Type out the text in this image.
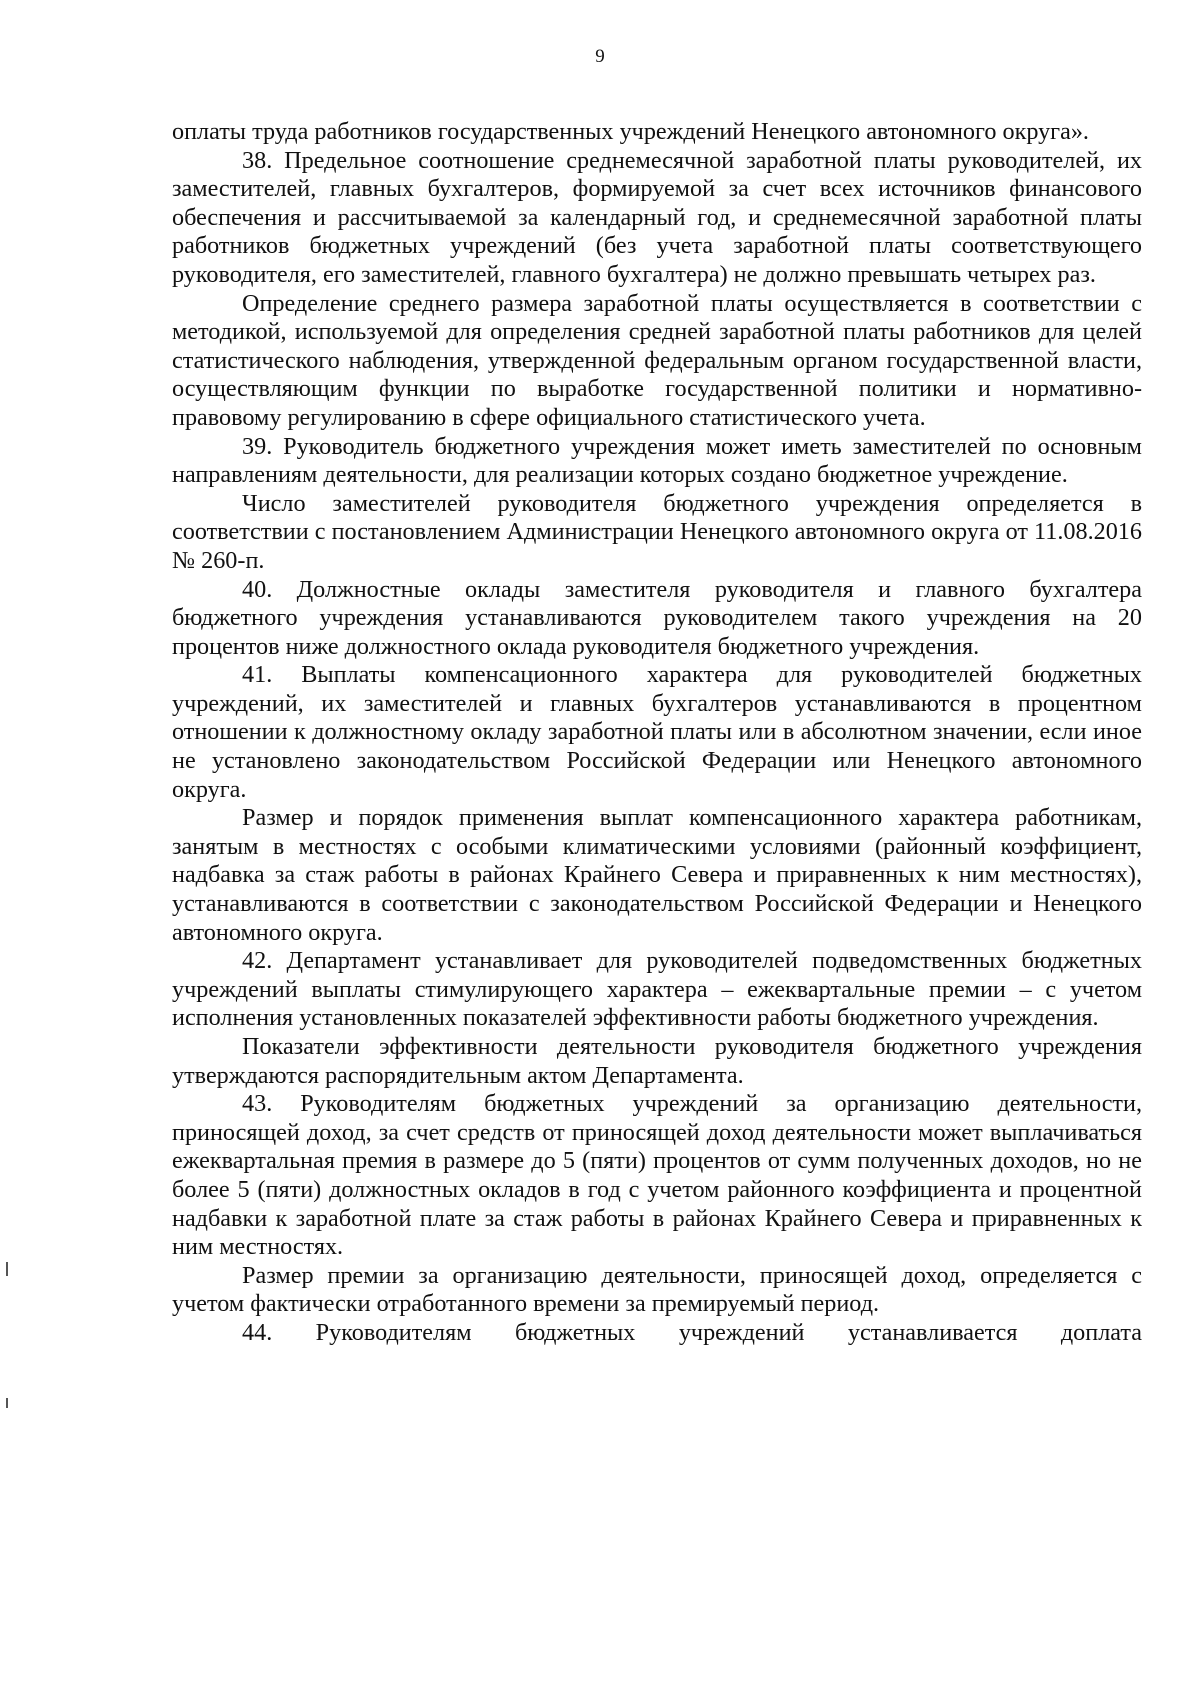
9

оплаты труда работников государственных учреждений Ненецкого автономного округа».

38. Предельное соотношение среднемесячной заработной платы руководителей, их заместителей, главных бухгалтеров, формируемой за счет всех источников финансового обеспечения и рассчитываемой за календарный год, и среднемесячной заработной платы работников бюджетных учреждений (без учета заработной платы соответствующего руководителя, его заместителей, главного бухгалтера) не должно превышать четырех раз.

Определение среднего размера заработной платы осуществляется в соответствии с методикой, используемой для определения средней заработной платы работников для целей статистического наблюдения, утвержденной федеральным органом государственной власти, осуществляющим функции по выработке государственной политики и нормативно-правовому регулированию в сфере официального статистического учета.

39. Руководитель бюджетного учреждения может иметь заместителей по основным направлениям деятельности, для реализации которых создано бюджетное учреждение.

Число заместителей руководителя бюджетного учреждения определяется в соответствии с постановлением Администрации Ненецкого автономного округа от 11.08.2016 № 260-п.

40. Должностные оклады заместителя руководителя и главного бухгалтера бюджетного учреждения устанавливаются руководителем такого учреждения на 20 процентов ниже должностного оклада руководителя бюджетного учреждения.

41. Выплаты компенсационного характера для руководителей бюджетных учреждений, их заместителей и главных бухгалтеров устанавливаются в процентном отношении к должностному окладу заработной платы или в абсолютном значении, если иное не установлено законодательством Российской Федерации или Ненецкого автономного округа.

Размер и порядок применения выплат компенсационного характера работникам, занятым в местностях с особыми климатическими условиями (районный коэффициент, надбавка за стаж работы в районах Крайнего Севера и приравненных к ним местностях), устанавливаются в соответствии с законодательством Российской Федерации и Ненецкого автономного округа.

42. Департамент устанавливает для руководителей подведомственных бюджетных учреждений выплаты стимулирующего характера – ежеквартальные премии – с учетом исполнения установленных показателей эффективности работы бюджетного учреждения.

Показатели эффективности деятельности руководителя бюджетного учреждения утверждаются распорядительным актом Департамента.

43. Руководителям бюджетных учреждений за организацию деятельности, приносящей доход, за счет средств от приносящей доход деятельности может выплачиваться ежеквартальная премия в размере до 5 (пяти) процентов от сумм полученных доходов, но не более 5 (пяти) должностных окладов в год с учетом районного коэффициента и процентной надбавки к заработной плате за стаж работы в районах Крайнего Севера и приравненных к ним местностях.

Размер премии за организацию деятельности, приносящей доход, определяется с учетом фактически отработанного времени за премируемый период.

44. Руководителям бюджетных учреждений устанавливается доплата
